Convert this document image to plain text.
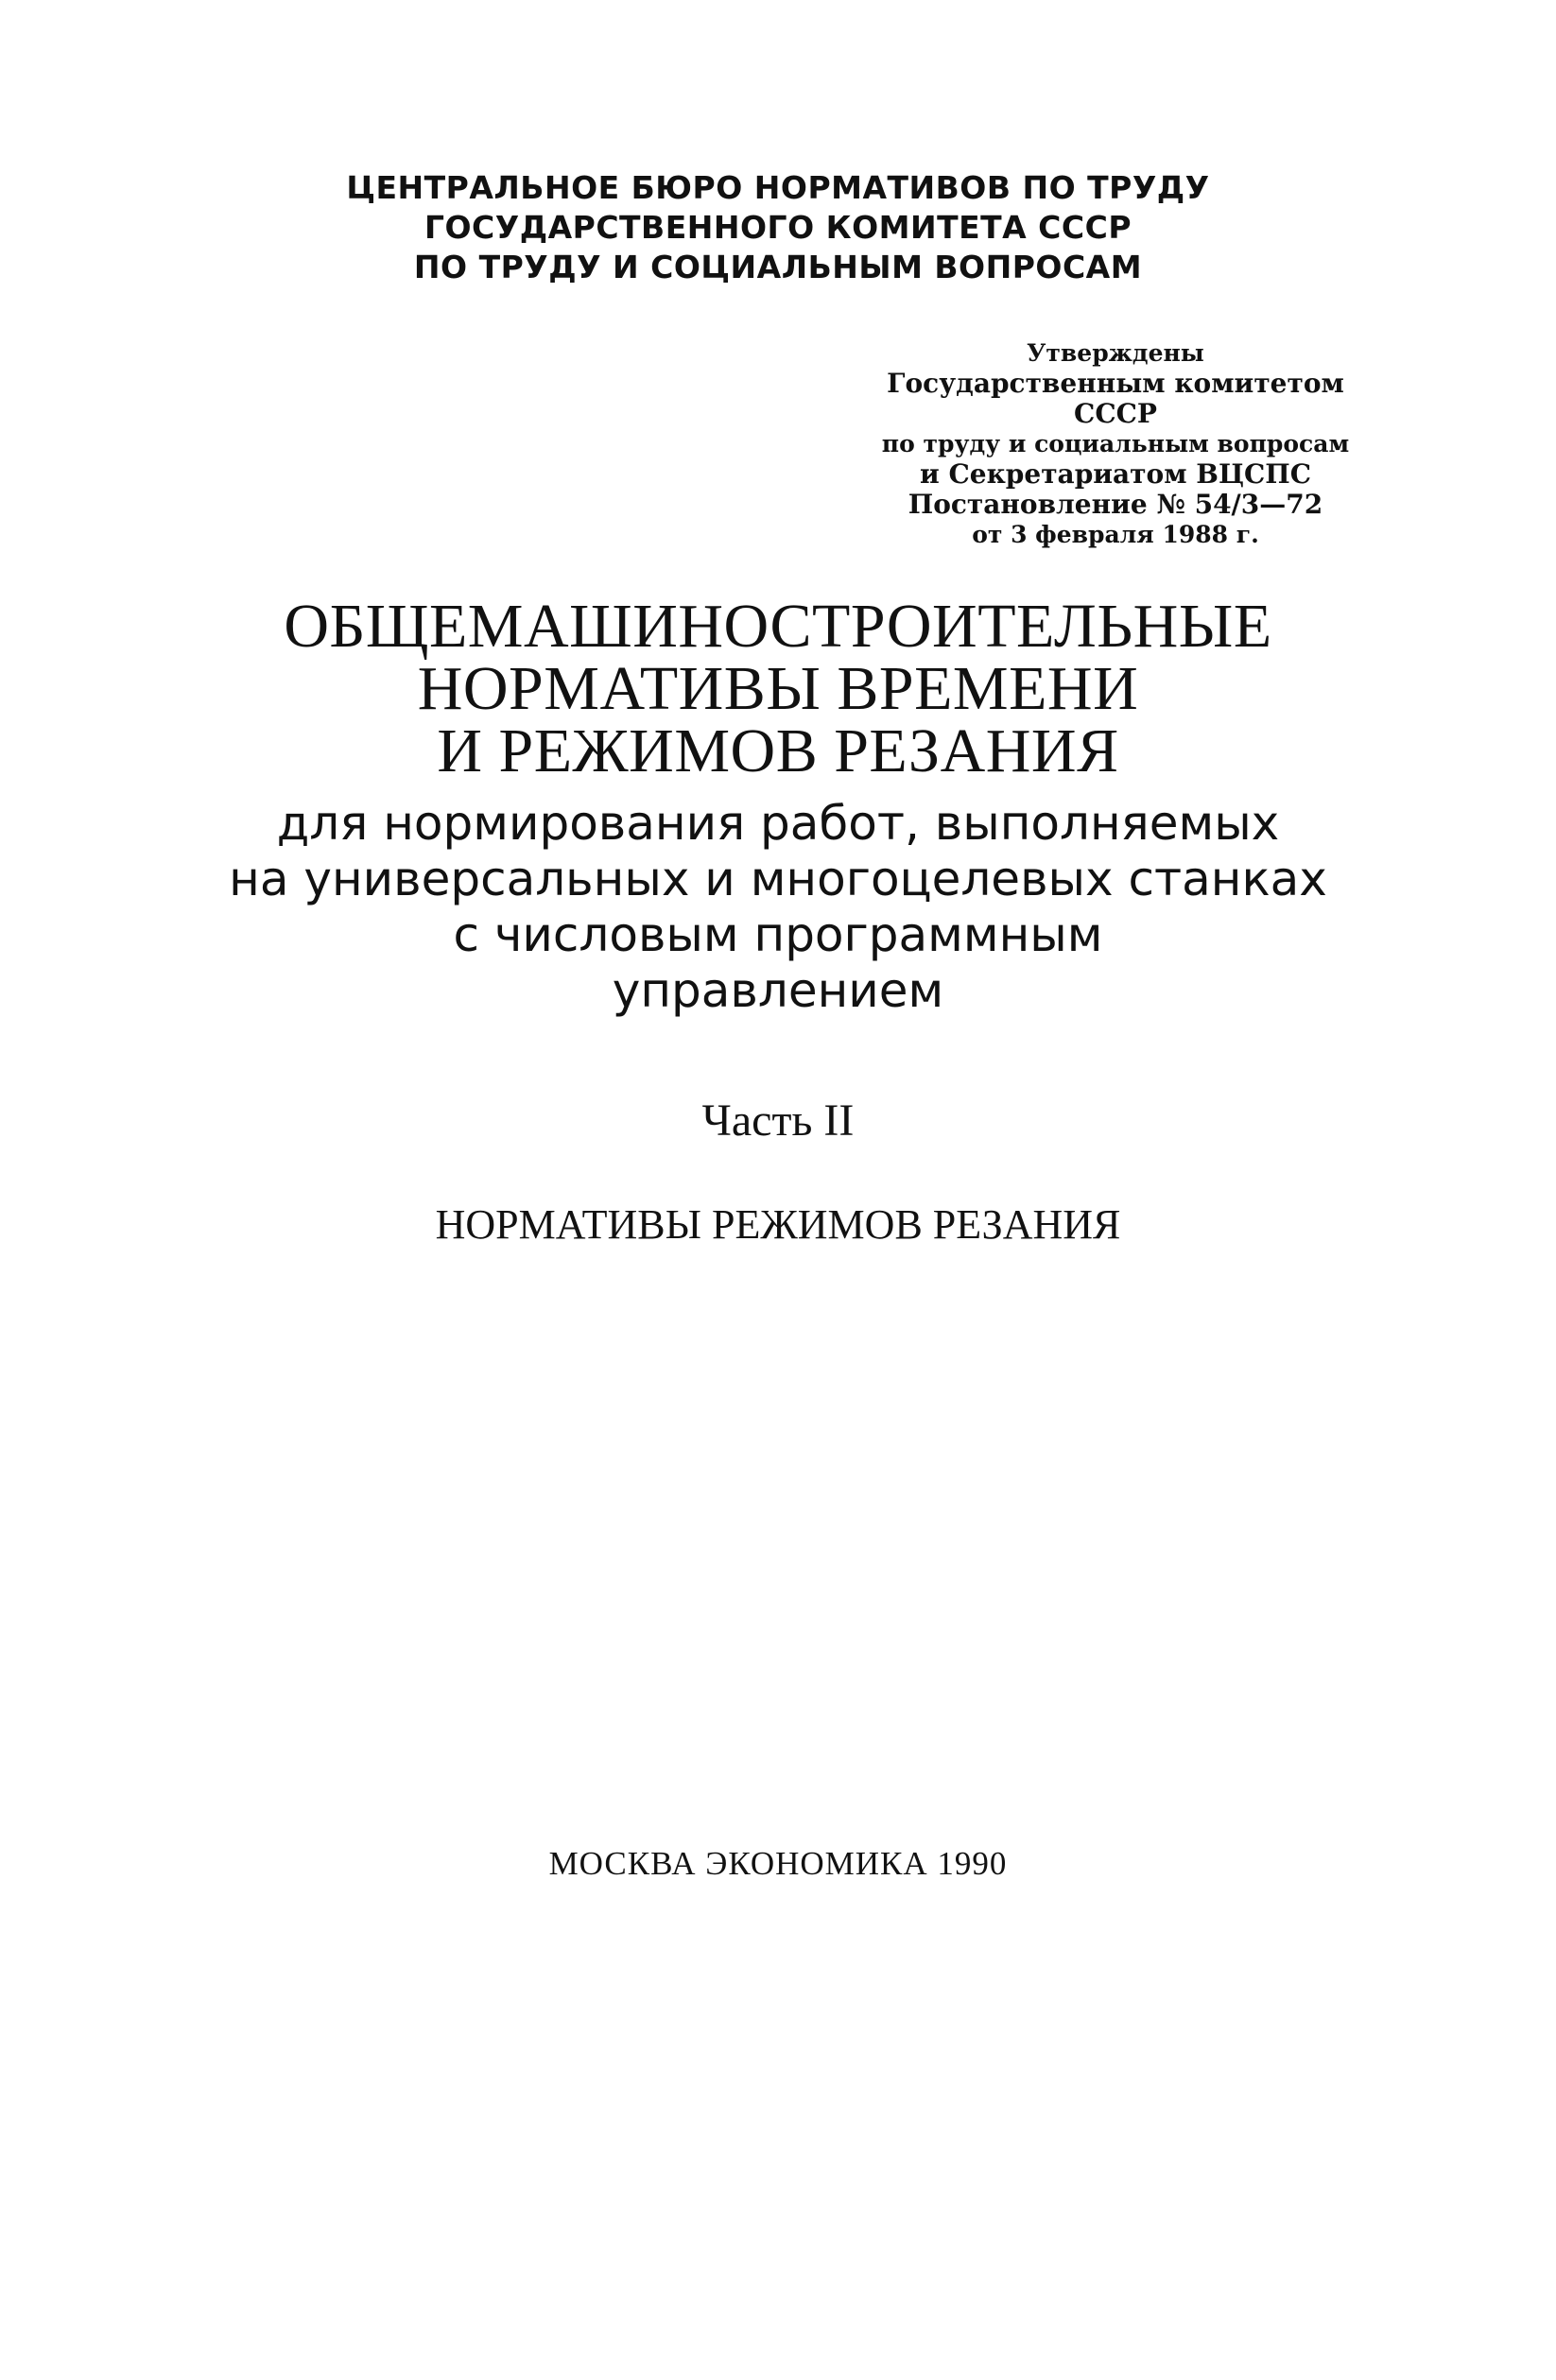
ЦЕНТРАЛЬНОЕ БЮРО НОРМАТИВОВ ПО ТРУДУ
ГОСУДАРСТВЕННОГО КОМИТЕТА СССР
ПО ТРУДУ И СОЦИАЛЬНЫМ ВОПРОСАМ
Утверждены
Государственным комитетом СССР
по труду и социальным вопросам
и Секретариатом ВЦСПС
Постановление № 54/3—72
от 3 февраля 1988 г.
ОБЩЕМАШИНОСТРОИТЕЛЬНЫЕ
НОРМАТИВЫ ВРЕМЕНИ
И РЕЖИМОВ РЕЗАНИЯ
для нормирования работ, выполняемых
на универсальных и многоцелевых станках
с числовым программным
управлением
Часть II
НОРМАТИВЫ РЕЖИМОВ РЕЗАНИЯ
МОСКВА ЭКОНОМИКА 1990
